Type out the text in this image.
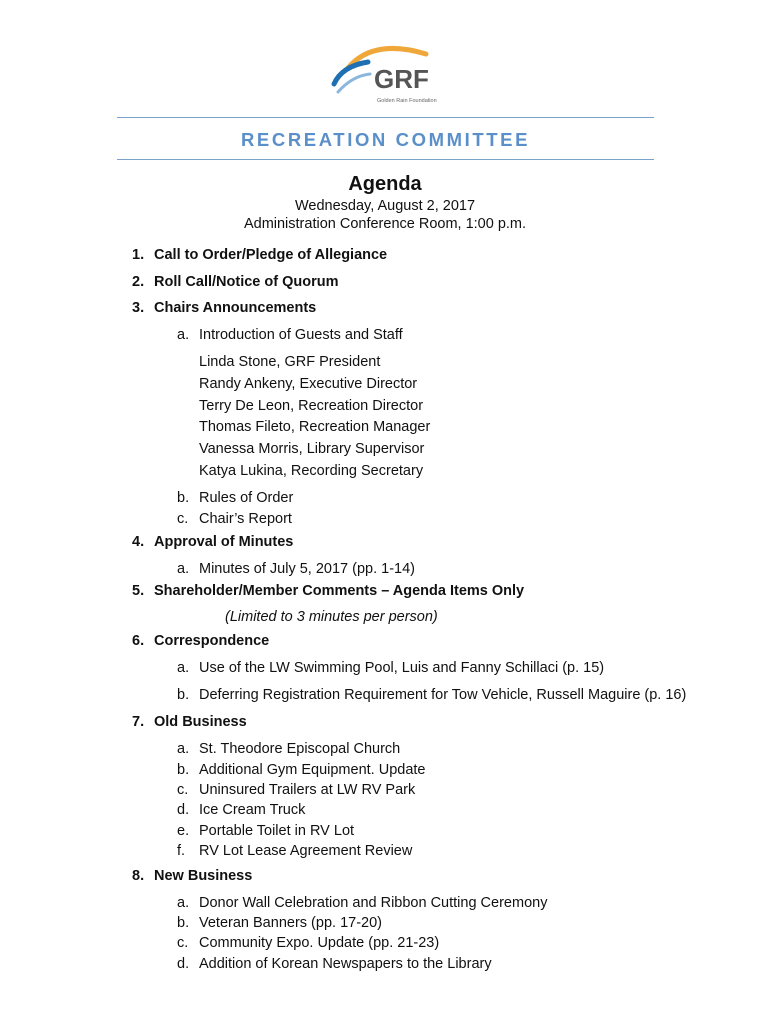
GRF
Golden Rain Foundation
RECREATION COMMITTEE
Agenda
Wednesday, August 2, 2017
Administration Conference Room, 1:00 p.m.
1. Call to Order/Pledge of Allegiance
2. Roll Call/Notice of Quorum
3. Chairs Announcements
a. Introduction of Guests and Staff
Linda Stone, GRF President
Randy Ankeny, Executive Director
Terry De Leon, Recreation Director
Thomas Fileto, Recreation Manager
Vanessa Morris, Library Supervisor
Katya Lukina, Recording Secretary
b. Rules of Order
c. Chair’s Report
4. Approval of Minutes
a. Minutes of July 5, 2017 (pp. 1-14)
5. Shareholder/Member Comments – Agenda Items Only
(Limited to 3 minutes per person)
6. Correspondence
a. Use of the LW Swimming Pool, Luis and Fanny Schillaci (p. 15)
b. Deferring Registration Requirement for Tow Vehicle, Russell Maguire (p. 16)
7. Old Business
a. St. Theodore Episcopal Church
b. Additional Gym Equipment. Update
c. Uninsured Trailers at LW RV Park
d. Ice Cream Truck
e. Portable Toilet in RV Lot
f. RV Lot Lease Agreement Review
8. New Business
a. Donor Wall Celebration and Ribbon Cutting Ceremony
b. Veteran Banners (pp. 17-20)
c. Community Expo. Update (pp. 21-23)
d. Addition of Korean Newspapers to the Library
